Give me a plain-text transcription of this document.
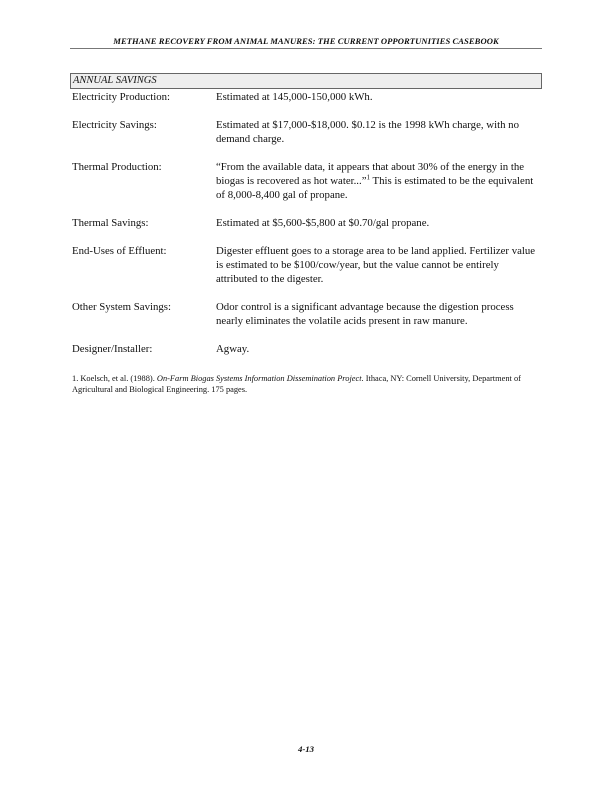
METHANE RECOVERY FROM ANIMAL MANURES: THE CURRENT OPPORTUNITIES CASEBOOK
ANNUAL SAVINGS
Electricity Production:	Estimated at 145,000-150,000 kWh.
Electricity Savings:	Estimated at $17,000-$18,000. $0.12 is the 1998 kWh charge, with no demand charge.
Thermal Production:	“From the available data, it appears that about 30% of the energy in the biogas is recovered as hot water...”$^1$ This is estimated to be the equivalent of 8,000-8,400 gal of propane.
Thermal Savings:	Estimated at $5,600-$5,800 at $0.70/gal propane.
End-Uses of Effluent:	Digester effluent goes to a storage area to be land applied. Fertilizer value is estimated to be $100/cow/year, but the value cannot be entirely attributed to the digester.
Other System Savings:	Odor control is a significant advantage because the digestion process nearly eliminates the volatile acids present in raw manure.
Designer/Installer:	Agway.
1. Koelsch, et al. (1988). On-Farm Biogas Systems Information Dissemination Project. Ithaca, NY: Cornell University, Department of Agricultural and Biological Engineering. 175 pages.
4-13
